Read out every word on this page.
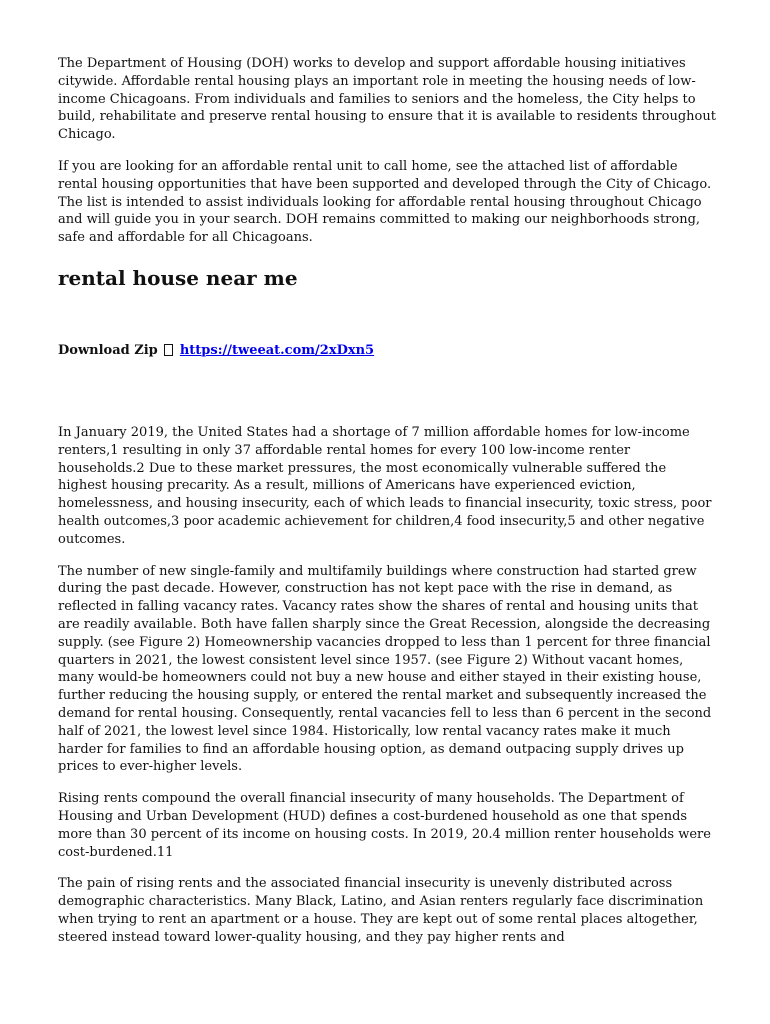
The Department of Housing (DOH) works to develop and support affordable housing initiatives citywide. Affordable rental housing plays an important role in meeting the housing needs of low-income Chicagoans. From individuals and families to seniors and the homeless, the City helps to build, rehabilitate and preserve rental housing to ensure that it is available to residents throughout Chicago.

If you are looking for an affordable rental unit to call home, see the attached list of affordable rental housing opportunities that have been supported and developed through the City of Chicago. The list is intended to assist individuals looking for affordable rental housing throughout Chicago and will guide you in your search. DOH remains committed to making our neighborhoods strong, safe and affordable for all Chicagoans.

rental house near me
Download Zip https://tweeat.com/2xDxn5

In January 2019, the United States had a shortage of 7 million affordable homes for low-income renters,1 resulting in only 37 affordable rental homes for every 100 low-income renter households.2 Due to these market pressures, the most economically vulnerable suffered the highest housing precarity. As a result, millions of Americans have experienced eviction, homelessness, and housing insecurity, each of which leads to financial insecurity, toxic stress, poor health outcomes,3 poor academic achievement for children,4 food insecurity,5 and other negative outcomes.

The number of new single-family and multifamily buildings where construction had started grew during the past decade. However, construction has not kept pace with the rise in demand, as reflected in falling vacancy rates. Vacancy rates show the shares of rental and housing units that are readily available. Both have fallen sharply since the Great Recession, alongside the decreasing supply. (see Figure 2) Homeownership vacancies dropped to less than 1 percent for three financial quarters in 2021, the lowest consistent level since 1957. (see Figure 2) Without vacant homes, many would-be homeowners could not buy a new house and either stayed in their existing house, further reducing the housing supply, or entered the rental market and subsequently increased the demand for rental housing. Consequently, rental vacancies fell to less than 6 percent in the second half of 2021, the lowest level since 1984. Historically, low rental vacancy rates make it much harder for families to find an affordable housing option, as demand outpacing supply drives up prices to ever-higher levels.

Rising rents compound the overall financial insecurity of many households. The Department of Housing and Urban Development (HUD) defines a cost-burdened household as one that spends more than 30 percent of its income on housing costs. In 2019, 20.4 million renter households were cost-burdened.11

The pain of rising rents and the associated financial insecurity is unevenly distributed across demographic characteristics. Many Black, Latino, and Asian renters regularly face discrimination when trying to rent an apartment or a house. They are kept out of some rental places altogether, steered instead toward lower-quality housing, and they pay higher rents and
